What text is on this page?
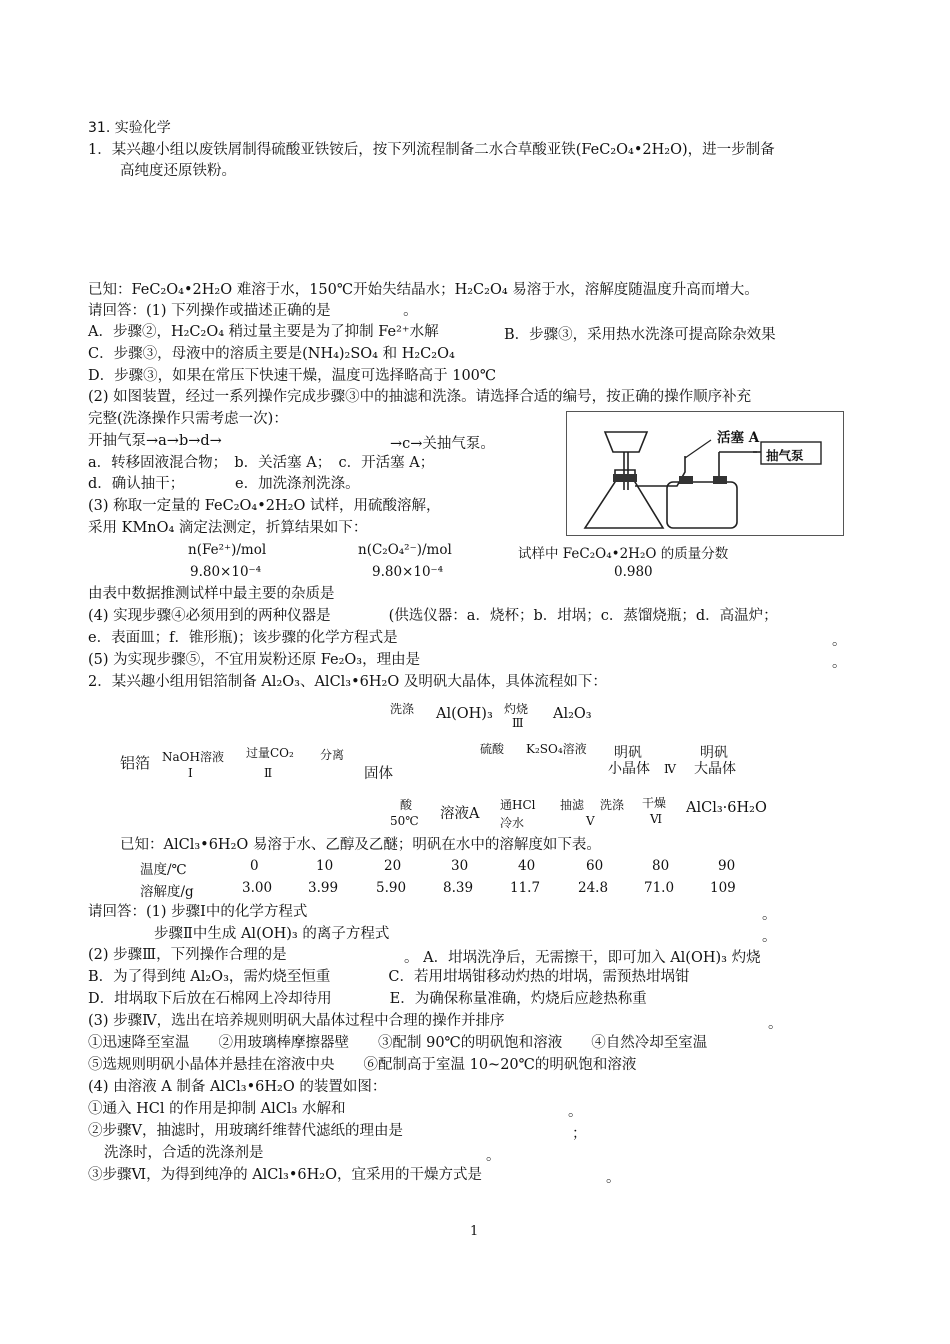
31. 实验化学
1．某兴趣小组以废铁屑制得硫酸亚铁铵后，按下列流程制备二水合草酸亚铁(FeC₂O₄•2H₂O)，进一步制备
高纯度还原铁粉。
已知：FeC₂O₄•2H₂O 难溶于水，150℃开始失结晶水；H₂C₂O₄ 易溶于水，溶解度随温度升高而增大。
请回答：(1) 下列操作或描述正确的是　　　　　。
A．步骤②，H₂C₂O₄ 稍过量主要是为了抑制 Fe²⁺水解	B．步骤③，采用热水洗涤可提高除杂效果
C．步骤③，母液中的溶质主要是(NH₄)₂SO₄ 和 H₂C₂O₄
D．步骤③，如果在常压下快速干燥，温度可选择略高于 100℃
(2) 如图装置，经过一系列操作完成步骤③中的抽滤和洗涤。请选择合适的编号，按正确的操作顺序补充
完整(洗涤操作只需考虑一次)：
开抽气泵→a→b→d→	→c→关抽气泵。
a．转移固液混合物；　b．关活塞 A；　c．开活塞 A；
d．确认抽干；　　　　e．加洗涤剂洗涤。
(3) 称取一定量的 FeC₂O₄•2H₂O 试样，用硫酸溶解，
采用 KMnO₄ 滴定法测定，折算结果如下：
活塞 A
抽气泵
n(Fe²⁺)/mol	n(C₂O₄²⁻)/mol	试样中 FeC₂O₄•2H₂O 的质量分数
9.80×10⁻⁴	9.80×10⁻⁴	0.980
由表中数据推测试样中最主要的杂质是
(4) 实现步骤④必须用到的两种仪器是　　　　(供选仪器：a．烧杯；b．坩埚；c．蒸馏烧瓶；d．高温炉；
e．表面皿；f．锥形瓶)；该步骤的化学方程式是	。
(5) 为实现步骤⑤，不宜用炭粉还原 Fe₂O₃，理由是	。
2．某兴趣小组用铝箔制备 Al₂O₃、AlCl₃•6H₂O 及明矾大晶体，具体流程如下：
洗涤 Al(OH)₃ 灼烧
Ⅲ
Al₂O₃
铝箔 NaOH溶液
Ⅰ
过量CO₂
Ⅱ
分离
固体
硫酸 K₂SO₄溶液 明矾
小晶体 Ⅳ
明矾
大晶体
酸
50℃ 溶液A
通HCl
冷水
抽滤 洗涤
Ⅴ
干燥
Ⅵ
AlCl₃·6H₂O
已知：AlCl₃•6H₂O 易溶于水、乙醇及乙醚；明矾在水中的溶解度如下表。
温度/℃
溶解度/g
0	10	20	30	40	60	80	90
3.00	3.99	5.90	8.39	11.7	24.8	71.0	109
请回答：(1) 步骤Ⅰ中的化学方程式	。
步骤Ⅱ中生成 Al(OH)₃ 的离子方程式	。
(2) 步骤Ⅲ，下列操作合理的是	。 A．坩埚洗净后，无需擦干，即可加入 Al(OH)₃ 灼烧
B．为了得到纯 Al₂O₃，需灼烧至恒重　　　　C．若用坩埚钳移动灼热的坩埚，需预热坩埚钳
D．坩埚取下后放在石棉网上冷却待用　　　　E．为确保称量准确，灼烧后应趁热称重
(3) 步骤Ⅳ，选出在培养规则明矾大晶体过程中合理的操作并排序	。
①迅速降至室温　　②用玻璃棒摩擦器壁　　③配制 90℃的明矾饱和溶液　　④自然冷却至室温
⑤选规则明矾小晶体并悬挂在溶液中央　　⑥配制高于室温 10~20℃的明矾饱和溶液
(4) 由溶液 A 制备 AlCl₃•6H₂O 的装置如图：
①通入 HCl 的作用是抑制 AlCl₃ 水解和	。
②步骤Ⅴ，抽滤时，用玻璃纤维替代滤纸的理由是	；
洗涤时，合适的洗涤剂是	。
③步骤Ⅵ，为得到纯净的 AlCl₃•6H₂O，宜采用的干燥方式是	。
1
